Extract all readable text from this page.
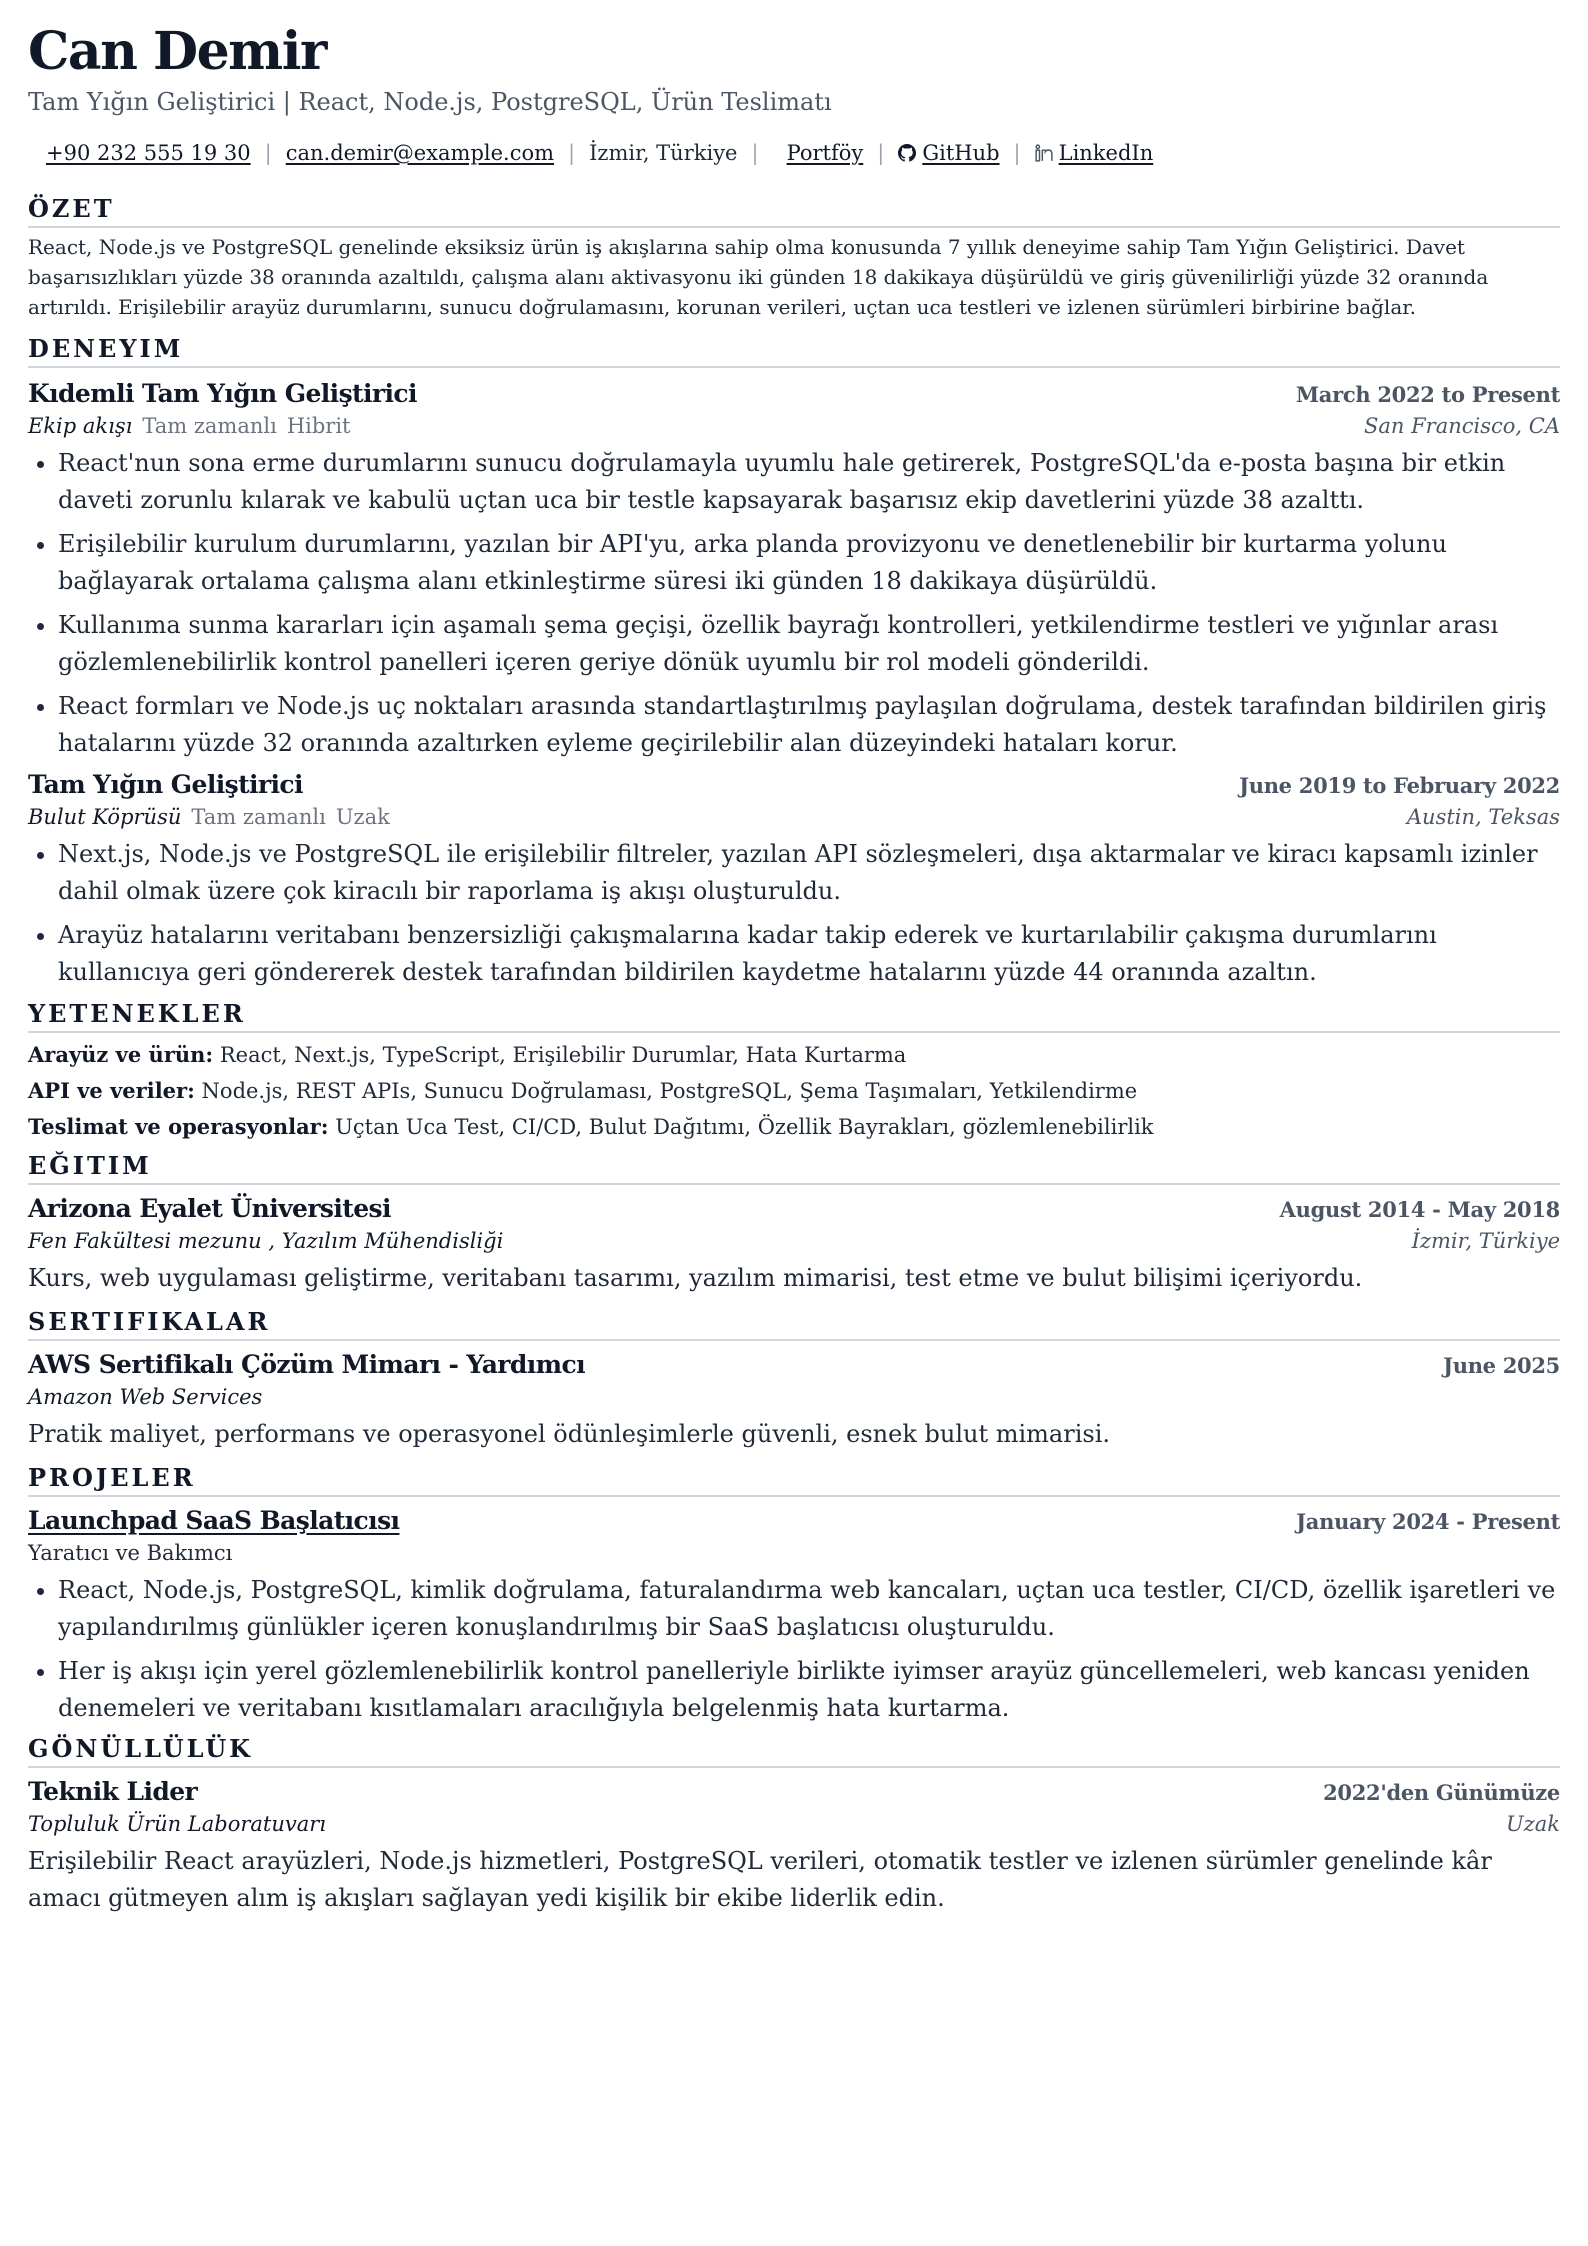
Can Demir
Tam Yığın Geliştirici | React, Node.js, PostgreSQL, Ürün Teslimatı
+90 232 555 19 30 | can.demir@example.com | İzmir, Türkiye | Portföy | GitHub | LinkedIn
ÖZET

React, Node.js ve PostgreSQL genelinde eksiksiz ürün iş akışlarına sahip olma konusunda 7 yıllık deneyime sahip Tam Yığın Geliştirici. Davet başarısızlıkları yüzde 38 oranında azaltıldı, çalışma alanı aktivasyonu iki günden 18 dakikaya düşürüldü ve giriş güvenilirliği yüzde 32 oranında artırıldı. Erişilebilir arayüz durumlarını, sunucu doğrulamasını, korunan verileri, uçtan uca testleri ve izlenen sürümleri birbirine bağlar.

DENEYIM
Kıdemli Tam Yığın Geliştirici	March 2022 to Present
Ekip akışı Tam zamanlı Hibrit	San Francisco, CA
• React'nun sona erme durumlarını sunucu doğrulamayla uyumlu hale getirerek, PostgreSQL'da e-posta başına bir etkin daveti zorunlu kılarak ve kabulü uçtan uca bir testle kapsayarak başarısız ekip davetlerini yüzde 38 azalttı.
• Erişilebilir kurulum durumlarını, yazılan bir API'yu, arka planda provizyonu ve denetlenebilir bir kurtarma yolunu bağlayarak ortalama çalışma alanı etkinleştirme süresi iki günden 18 dakikaya düşürüldü.
• Kullanıma sunma kararları için aşamalı şema geçişi, özellik bayrağı kontrolleri, yetkilendirme testleri ve yığınlar arası gözlemlenebilirlik kontrol panelleri içeren geriye dönük uyumlu bir rol modeli gönderildi.
• React formları ve Node.js uç noktaları arasında standartlaştırılmış paylaşılan doğrulama, destek tarafından bildirilen giriş hatalarını yüzde 32 oranında azaltırken eyleme geçirilebilir alan düzeyindeki hataları korur.
Tam Yığın Geliştirici	June 2019 to February 2022
Bulut Köprüsü Tam zamanlı Uzak	Austin, Teksas
• Next.js, Node.js ve PostgreSQL ile erişilebilir filtreler, yazılan API sözleşmeleri, dışa aktarmalar ve kiracı kapsamlı izinler dahil olmak üzere çok kiracılı bir raporlama iş akışı oluşturuldu.
• Arayüz hatalarını veritabanı benzersizliği çakışmalarına kadar takip ederek ve kurtarılabilir çakışma durumlarını kullanıcıya geri göndererek destek tarafından bildirilen kaydetme hatalarını yüzde 44 oranında azaltın.
YETENEKLER
Arayüz ve ürün: React, Next.js, TypeScript, Erişilebilir Durumlar, Hata Kurtarma
API ve veriler: Node.js, REST APIs, Sunucu Doğrulaması, PostgreSQL, Şema Taşımaları, Yetkilendirme
Teslimat ve operasyonlar: Uçtan Uca Test, CI/CD, Bulut Dağıtımı, Özellik Bayrakları, gözlemlenebilirlik
EĞITIM
Arizona Eyalet Üniversitesi	August 2014 - May 2018
Fen Fakültesi mezunu , Yazılım Mühendisliği	İzmir, Türkiye
Kurs, web uygulaması geliştirme, veritabanı tasarımı, yazılım mimarisi, test etme ve bulut bilişimi içeriyordu.
SERTIFIKALAR
AWS Sertifikalı Çözüm Mimarı - Yardımcı	June 2025
Amazon Web Services
Pratik maliyet, performans ve operasyonel ödünleşimlerle güvenli, esnek bulut mimarisi.
PROJELER
Launchpad SaaS Başlatıcısı	January 2024 - Present
Yaratıcı ve Bakımcı
• React, Node.js, PostgreSQL, kimlik doğrulama, faturalandırma web kancaları, uçtan uca testler, CI/CD, özellik işaretleri ve yapılandırılmış günlükler içeren konuşlandırılmış bir SaaS başlatıcısı oluşturuldu.
• Her iş akışı için yerel gözlemlenebilirlik kontrol panelleriyle birlikte iyimser arayüz güncellemeleri, web kancası yeniden denemeleri ve veritabanı kısıtlamaları aracılığıyla belgelenmiş hata kurtarma.
GÖNÜLLÜLÜK
Teknik Lider	2022'den Günümüze
Topluluk Ürün Laboratuvarı	Uzak
Erişilebilir React arayüzleri, Node.js hizmetleri, PostgreSQL verileri, otomatik testler ve izlenen sürümler genelinde kâr amacı gütmeyen alım iş akışları sağlayan yedi kişilik bir ekibe liderlik edin.
